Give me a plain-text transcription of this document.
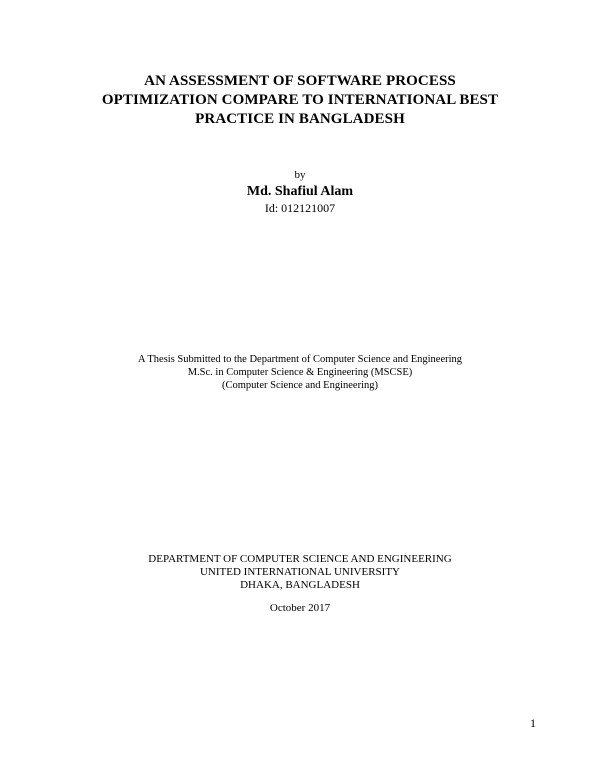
AN ASSESSMENT OF SOFTWARE PROCESS
OPTIMIZATION COMPARE TO INTERNATIONAL BEST
PRACTICE IN BANGLADESH
by
Md. Shafiul Alam
Id: 012121007
A Thesis Submitted to the Department of Computer Science and Engineering
M.Sc. in Computer Science & Engineering (MSCSE)
(Computer Science and Engineering)
DEPARTMENT OF COMPUTER SCIENCE AND ENGINEERING
UNITED INTERNATIONAL UNIVERSITY
DHAKA, BANGLADESH
October 2017
1
